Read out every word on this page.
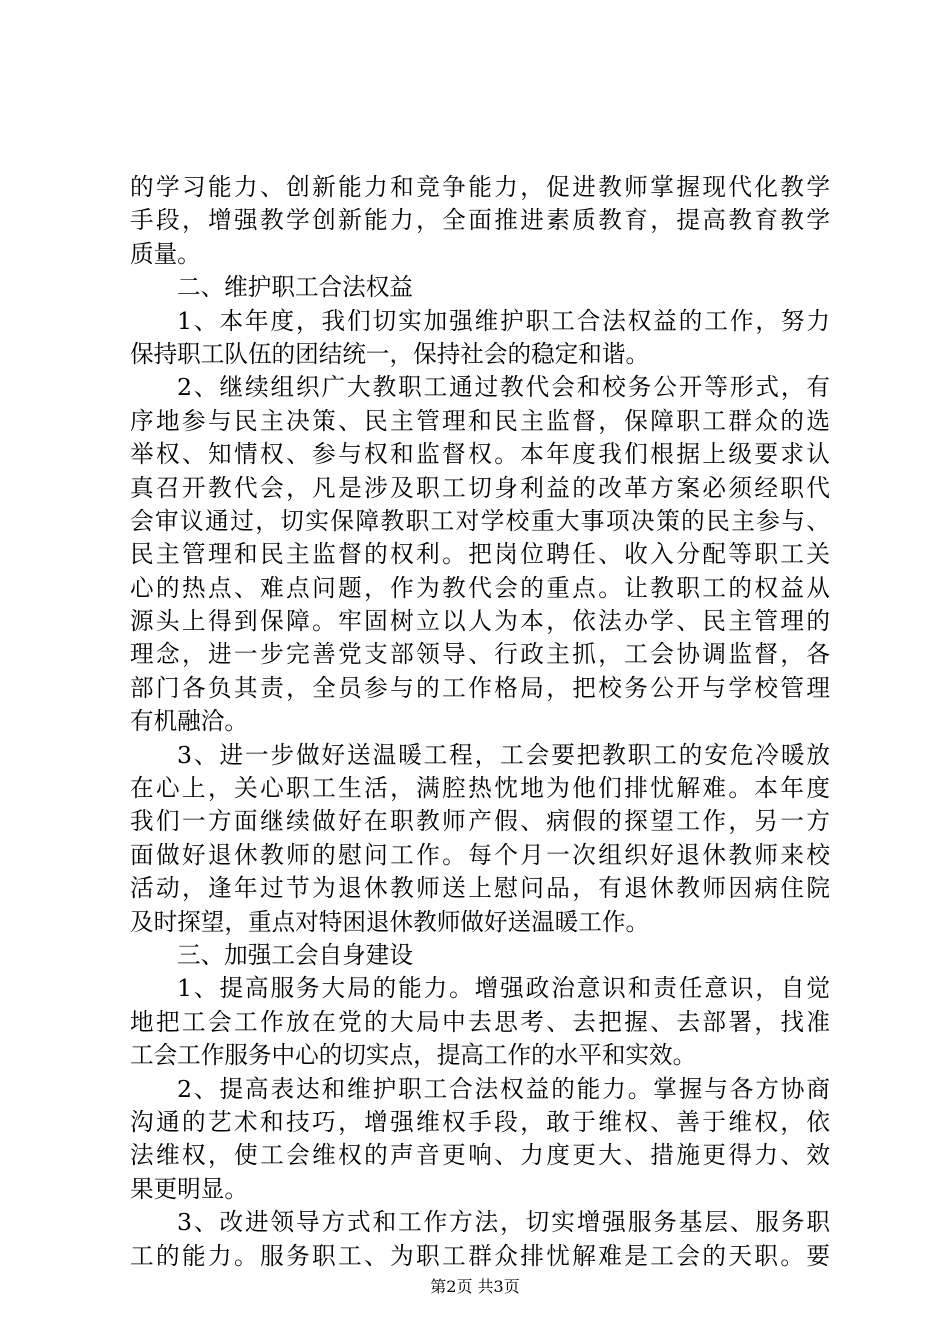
的学习能力、创新能力和竞争能力，促进教师掌握现代化教学
手段，增强教学创新能力，全面推进素质教育，提高教育教学
质量。
二、维护职工合法权益
1、本年度，我们切实加强维护职工合法权益的工作，努力
保持职工队伍的团结统一，保持社会的稳定和谐。
2、继续组织广大教职工通过教代会和校务公开等形式，有
序地参与民主决策、民主管理和民主监督，保障职工群众的选
举权、知情权、参与权和监督权。本年度我们根据上级要求认
真召开教代会，凡是涉及职工切身利益的改革方案必须经职代
会审议通过，切实保障教职工对学校重大事项决策的民主参与、
民主管理和民主监督的权利。把岗位聘任、收入分配等职工关
心的热点、难点问题，作为教代会的重点。让教职工的权益从
源头上得到保障。牢固树立以人为本，依法办学、民主管理的
理念，进一步完善党支部领导、行政主抓，工会协调监督，各
部门各负其责，全员参与的工作格局，把校务公开与学校管理
有机融洽。
3、进一步做好送温暖工程，工会要把教职工的安危冷暖放
在心上，关心职工生活，满腔热忱地为他们排忧解难。本年度
我们一方面继续做好在职教师产假、病假的探望工作，另一方
面做好退休教师的慰问工作。每个月一次组织好退休教师来校
活动，逢年过节为退休教师送上慰问品，有退休教师因病住院
及时探望，重点对特困退休教师做好送温暖工作。
三、加强工会自身建设
1、提高服务大局的能力。增强政治意识和责任意识，自觉
地把工会工作放在党的大局中去思考、去把握、去部署，找准
工会工作服务中心的切实点，提高工作的水平和实效。
2、提高表达和维护职工合法权益的能力。掌握与各方协商
沟通的艺术和技巧，增强维权手段，敢于维权、善于维权，依
法维权，使工会维权的声音更响、力度更大、措施更得力、效
果更明显。
3、改进领导方式和工作方法，切实增强服务基层、服务职
工的能力。服务职工、为职工群众排忧解难是工会的天职。要
第2页 共3页
